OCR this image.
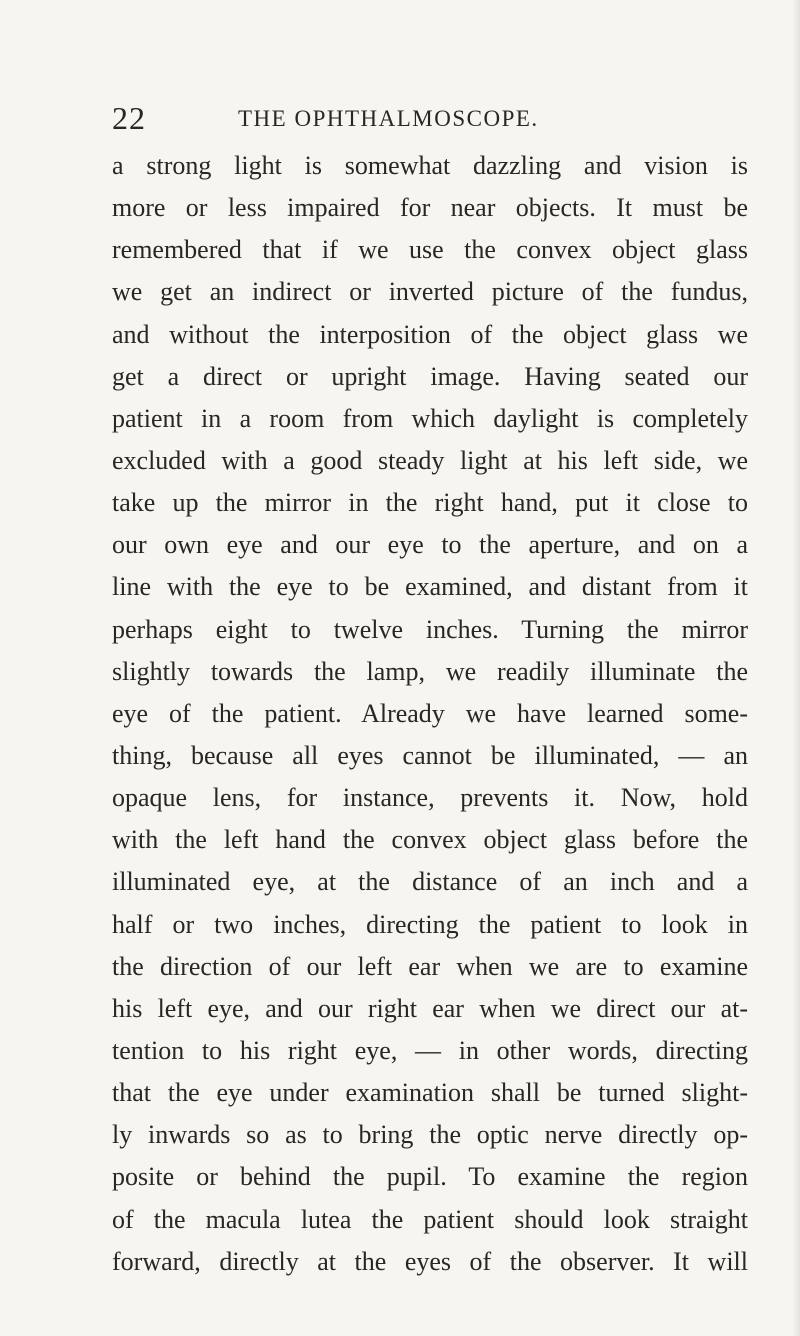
22	THE OPHTHALMOSCOPE.
a strong light is somewhat dazzling and vision is
more or less impaired for near objects. It must be
remembered that if we use the convex object glass
we get an indirect or inverted picture of the fundus,
and without the interposition of the object glass we
get a direct or upright image. Having seated our
patient in a room from which daylight is completely
excluded with a good steady light at his left side, we
take up the mirror in the right hand, put it close to
our own eye and our eye to the aperture, and on a
line with the eye to be examined, and distant from it
perhaps eight to twelve inches. Turning the mirror
slightly towards the lamp, we readily illuminate the
eye of the patient. Already we have learned some-
thing, because all eyes cannot be illuminated, — an
opaque lens, for instance, prevents it. Now, hold
with the left hand the convex object glass before the
illuminated eye, at the distance of an inch and a
half or two inches, directing the patient to look in
the direction of our left ear when we are to examine
his left eye, and our right ear when we direct our at-
tention to his right eye, — in other words, directing
that the eye under examination shall be turned slight-
ly inwards so as to bring the optic nerve directly op-
posite or behind the pupil. To examine the region
of the macula lutea the patient should look straight
forward, directly at the eyes of the observer. It will
